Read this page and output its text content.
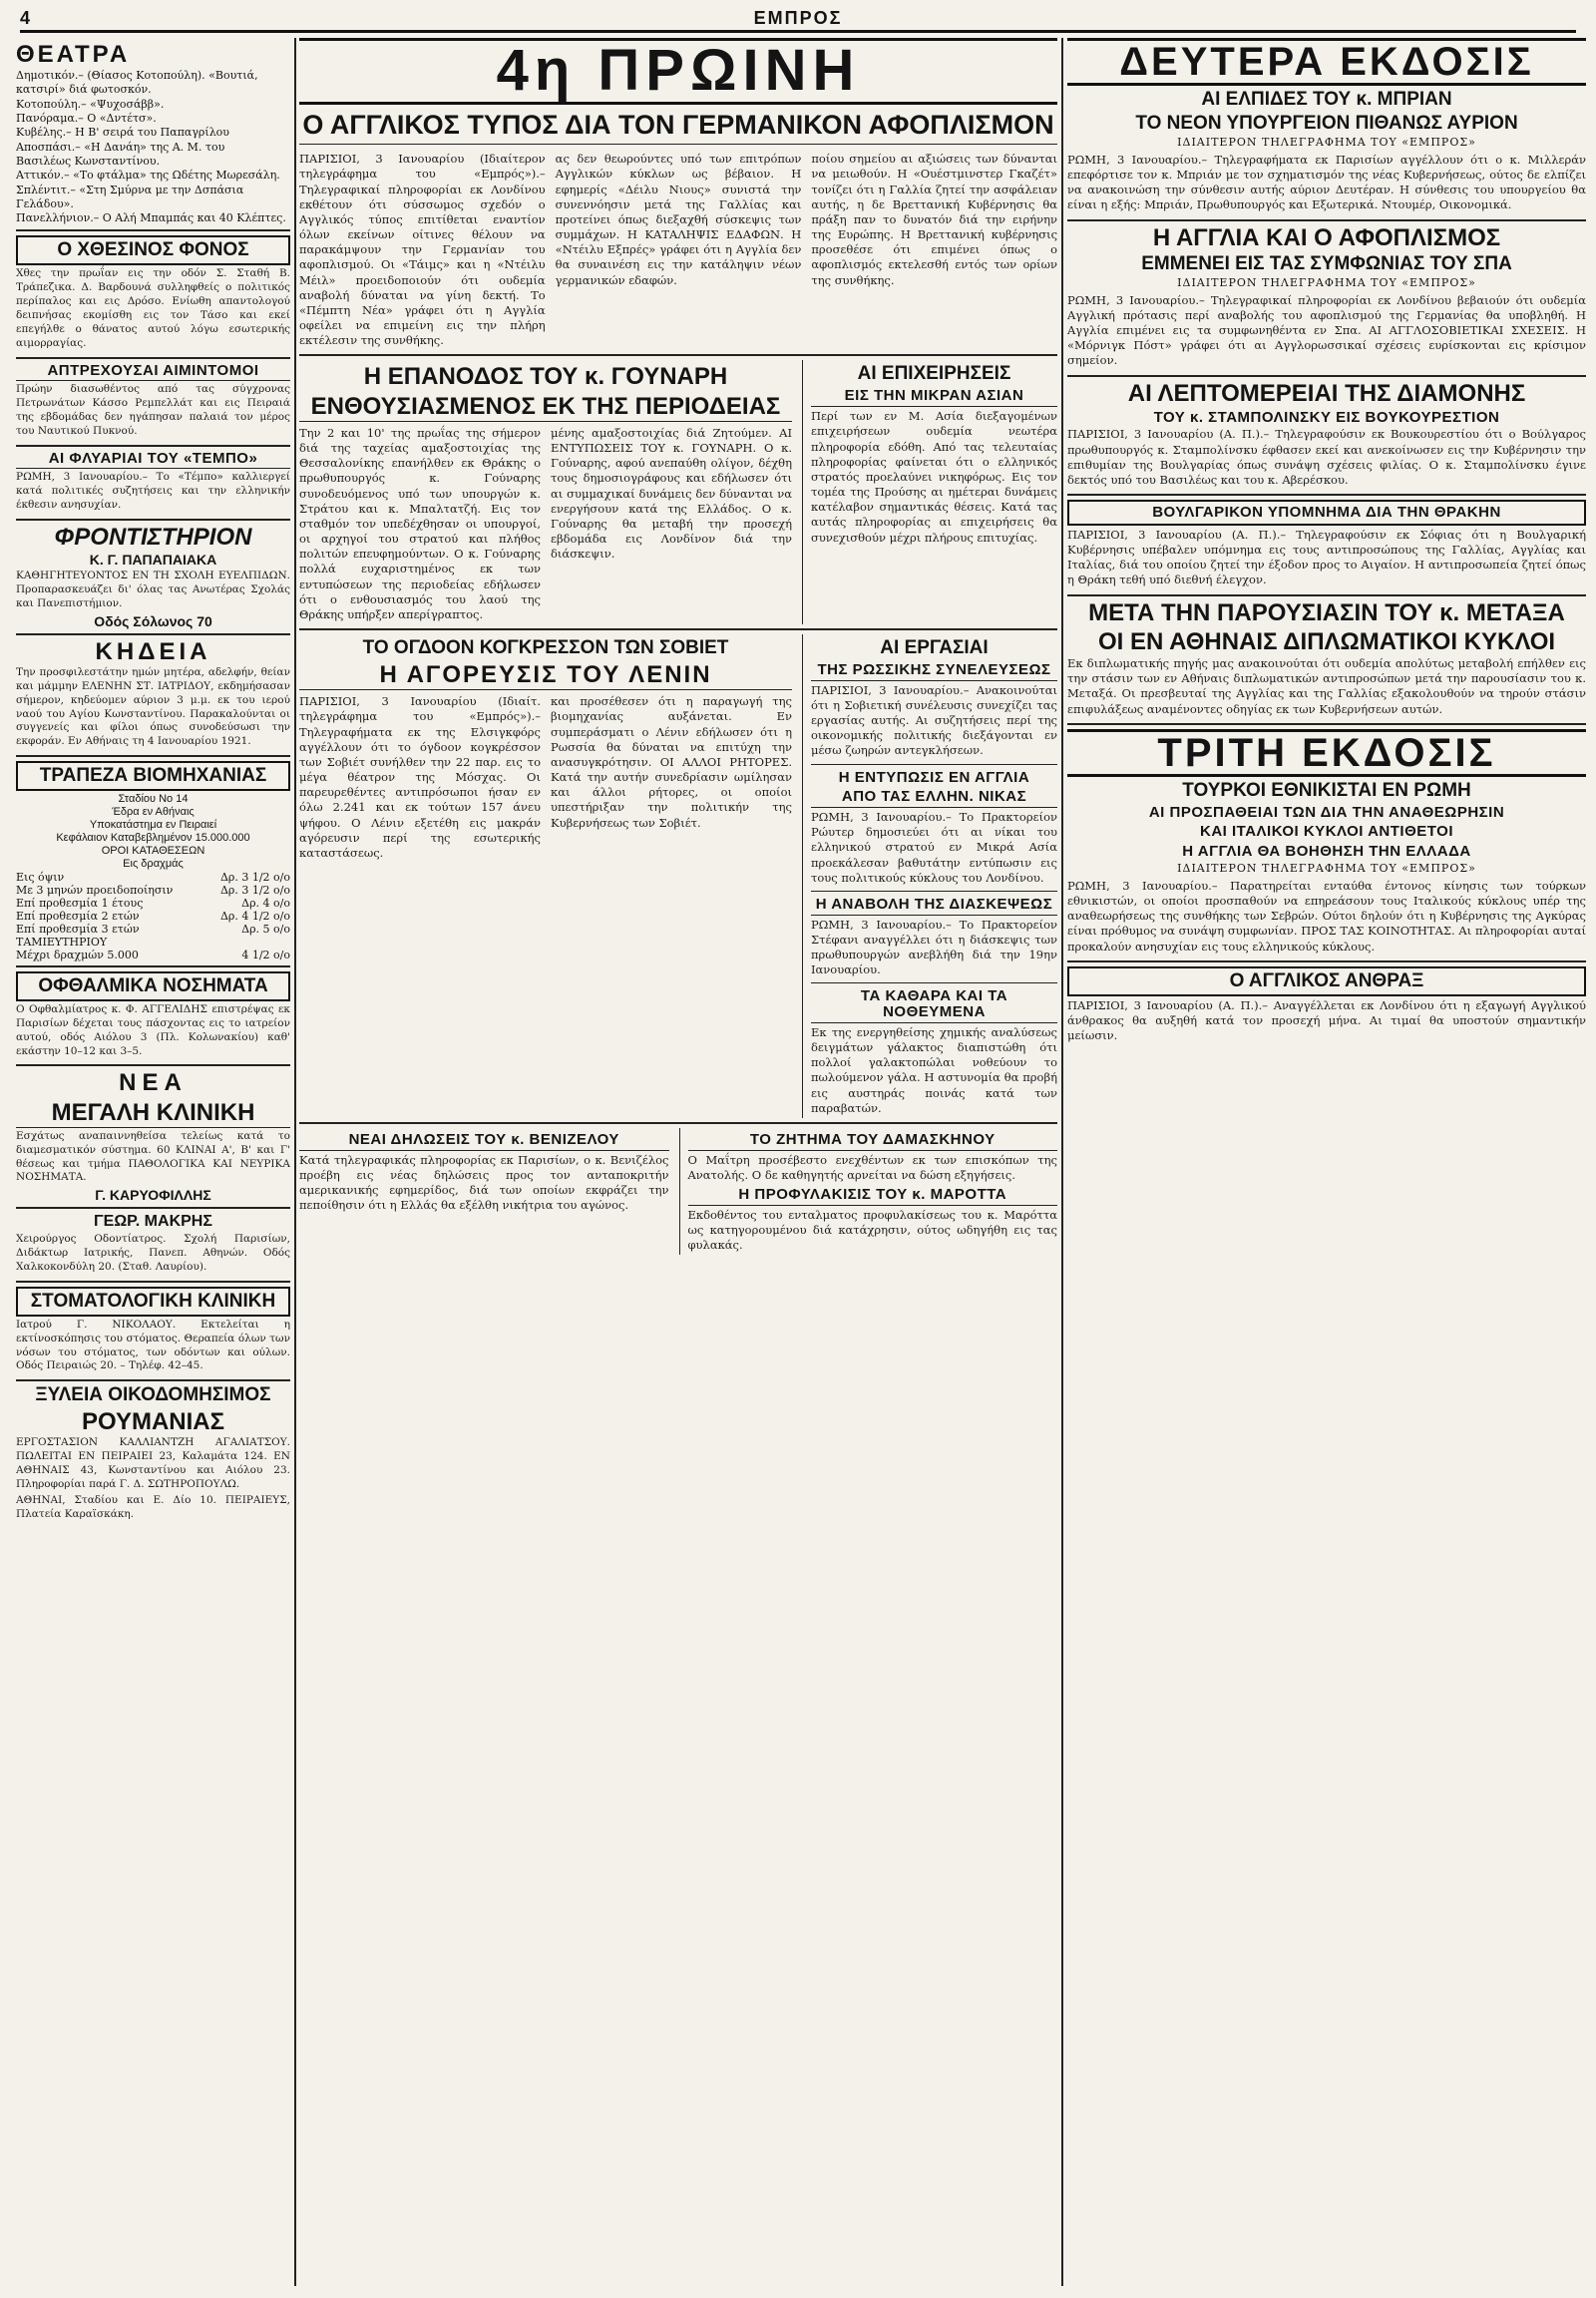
4	ΕΜΠΡΟΣ
ΘΕΑΤΡΑ
Δημοτικόν.– (Θίασος Κοτοπούλη). «Βουτιά, κατσιρί» διά φωτοσκόν.
Κοτοπούλη.– «Ψυχοσάββ».
Πανόραμα.– Ο «Δντέτσ».
Κυβέλης.– Η Β' σειρά του Παπαγρίλου
Αποσπάσι.– «Η Δανάη» της Α. Μ. του
Βασιλέως Κωνσταντίνου.
Αττικόν.– «Το φτάλμα» της Ωδέτης Μωρεσάλη.
Σπλέντιτ.– «Στη Σμύρνα με την Δσπάσια Γελάδου».
Πανελλήνιον.– Ο Αλή Μπαμπάς και 40 Κλέπτες.
Ο ΧΘΕΣΙΝΟΣ ΦΟΝΟΣ

Χθες την πρωΐαν εις την οδόν Σ. Σταθή Β. Τράπεζικα. Δ. Βαρδουνά συλληφθείς ο πολιτικός περίπαλος και εις Δρόσο. Ενίωθη απαντολογού δειπνήσας εκομίσθη εις τον Τάσο και εκεί επεγήλθε ο θάνατος αυτού λόγω εσωτερικής αιμορραγίας.

ΑΠΤΡΕΧΟΥΣΑΙ ΑΙΜΙΝΤΟΜΟΙ

Πρώην διασωθέντος από τας σύγχρονας Πετρωνάτων Κάσσο Ρεμπελλάτ και εις Πειραιά της εβδομάδας δεν ηγάπησαν παλαιά τον μέρος του Ναυτικού Πυκνού.

ΑΙ ΦΛΥΑΡΙΑΙ ΤΟΥ «ΤΕΜΠΟ»

ΡΩΜΗ, 3 Ιανουαρίου.– Το «Τέμπο» καλλιεργεί κατά πολιτικές συζητήσεις και την ελληνικήν έκθεσιν ανησυχίαν.

ΦΡΟΝΤΙΣΤΗΡΙΟΝ
Κ. Γ. ΠΑΠΑΠΑΙΑΚΑ

ΚΑΘΗΓΗΤΕΥΟΝΤΟΣ ΕΝ ΤΗ ΣΧΟΛΗ ΕΥΕΛΠΙΔΩΝ. Προπαρασκευάζει δι' όλας τας Ανωτέρας Σχολάς και Πανεπιστήμιον.

Οδός Σόλωνος 70
ΚΗΔΕΙΑ

Την προσφιλεστάτην ημών μητέρα, αδελφήν, θείαν και μάμμην ΕΛΕΝΗΝ ΣΤ. ΙΑΤΡΙΔΟΥ, εκδημήσασαν σήμερον, κηδεύομεν αύριον 3 μ.μ. εκ του ιερού ναού του Αγίου Κωνσταντίνου. Παρακαλούνται οι συγγενείς και φίλοι όπως συνοδεύσωσι την εκφοράν. Εν Αθήναις τη 4 Ιανουαρίου 1921.

ΤΡΑΠΕΖΑ ΒΙΟΜΗΧΑΝΙΑΣ
Σταδίου Νο 14
Έδρα εν Αθήναις
Υποκατάστημα εν Πειραιεί
Κεφάλαιον Καταβεβλημένον 15.000.000
ΟΡΟΙ ΚΑΤΑΘΕΣΕΩΝ
Εις δραχμάς
Εις όψιν	Δρ. 3 1/2 ο/ο
Με 3 μηνών προειδοποίησιν	Δρ. 3 1/2 ο/ο
Επί προθεσμία 1 έτους	Δρ. 4 ο/ο
Επί προθεσμία 2 ετών	Δρ. 4 1/2 ο/ο
Επί προθεσμία 3 ετών	Δρ. 5 ο/ο
ΤΑΜΙΕΥΤΗΡΙΟΥ
Μέχρι δραχμών 5.000	4 1/2 ο/ο
ΟΦΘΑΛΜΙΚΑ ΝΟΣΗΜΑΤΑ

Ο Οφθαλμίατρος κ. Φ. ΑΓΓΕΛΙΔΗΣ επιστρέψας εκ Παρισίων δέχεται τους πάσχοντας εις το ιατρείον αυτού, οδός Αιόλου 3 (Πλ. Κολωνακίου) καθ' εκάστην 10–12 και 3–5.

ΝΕΑ
ΜΕΓΑΛΗ ΚΛΙΝΙΚΗ

Εσχάτως αναπαιννηθείσα τελείως κατά το διαμεσματικόν σύστημα. 60 ΚΛΙΝΑΙ Α', Β' και Γ' θέσεως και τμήμα ΠΑΘΟΛΟΓΙΚΑ ΚΑΙ ΝΕΥΡΙΚΑ ΝΟΣΗΜΑΤΑ.

Γ. ΚΑΡΥΟΦΙΛΛΗΣ
ΓΕΩΡ. ΜΑΚΡΗΣ

Χειρούργος Οδοντίατρος. Σχολή Παρισίων, Διδάκτωρ Ιατρικής, Πανεπ. Αθηνών. Οδός Χαλκοκονδύλη 20. (Σταθ. Λαυρίου).

ΣΤΟΜΑΤΟΛΟΓΙΚΗ ΚΛΙΝΙΚΗ

Ιατρού Γ. ΝΙΚΟΛΑΟΥ. Εκτελείται η εκτίνοσκόπησις του στόματος. Θεραπεία όλων των νόσων του στόματος, των οδόντων και ούλων. Οδός Πειραιώς 20. – Τηλέφ. 42–45.

ΞΥΛΕΙΑ ΟΙΚΟΔΟΜΗΣΙΜΟΣ
ΡΟΥΜΑΝΙΑΣ

ΕΡΓΟΣΤΑΣΙΟΝ ΚΑΛΛΙΑΝΤΖΗ ΑΓΑΛΙΑΤΣΟΥ. ΠΩΛΕΙΤΑΙ ΕΝ ΠΕΙΡΑΙΕΙ 23, Καλαμάτα 124. ΕΝ ΑΘΗΝΑΙΣ 43, Κωνσταντίνου και Αιόλου 23. Πληροφορίαι παρά Γ. Δ. ΣΩΤΗΡΟΠΟΥΛΩ.

ΑΘΗΝΑΙ, Σταδίου και Ε. Δίο 10. ΠΕΙΡΑΙΕΥΣ, Πλατεία Καραϊσκάκη.

4η ΠΡΩΙΝΗ
Ο ΑΓΓΛΙΚΟΣ ΤΥΠΟΣ ΔΙΑ ΤΟΝ ΓΕΡΜΑΝΙΚΟΝ ΑΦΟΠΛΙΣΜΟΝ

ΠΑΡΙΣΙΟΙ, 3 Ιανουαρίου (Ιδιαίτερον τηλεγράφημα του «Εμπρός»).– Τηλεγραφικαί πληροφορίαι εκ Λονδίνου εκθέτουν ότι σύσσωμος σχεδόν ο Αγγλικός τύπος επιτίθεται εναντίον όλων εκείνων οίτινες θέλουν να παρακάμψουν την Γερμανίαν του αφοπλισμού. Οι «Τάιμς» και η «Ντέιλυ Μέιλ» προειδοποιούν ότι ουδεμία αναβολή δύναται να γίνη δεκτή. Το «Πέμπτη Νέα» γράφει ότι η Αγγλία οφείλει να επιμείνη εις την πλήρη εκτέλεσιν της συνθήκης.

ας δεν θεωρούντες υπό των επιτρόπων Αγγλικών κύκλων ως βέβαιον. Η εφημερίς «Δέιλυ Νιους» συνιστά την συνεννόησιν μετά της Γαλλίας και προτείνει όπως διεξαχθή σύσκεψις των συμμάχων. Η ΚΑΤΑΛΗΨΙΣ ΕΔΑΦΩΝ. Η «Ντέιλυ Εξπρές» γράφει ότι η Αγγλία δεν θα συναινέση εις την κατάληψιν νέων γερμανικών εδαφών.

ποίου σημείου αι αξιώσεις των δύνανται να μειωθούν. Η «Ουέστμινστερ Γκαζέτ» τονίζει ότι η Γαλλία ζητεί την ασφάλειαν αυτής, η δε Βρεττανική Κυβέρνησις θα πράξη παν το δυνατόν διά την ειρήνην της Ευρώπης. Η Βρεττανική κυβέρνησις προσεθέσε ότι επιμένει όπως ο αφοπλισμός εκτελεσθή εντός των ορίων της συνθήκης.

Η ΕΠΑΝΟΔΟΣ ΤΟΥ κ. ΓΟΥΝΑΡΗ
ΕΝΘΟΥΣΙΑΣΜΕΝΟΣ ΕΚ ΤΗΣ ΠΕΡΙΟΔΕΙΑΣ

Την 2 και 10' της πρωΐας της σήμερον διά της ταχείας αμαξοστοιχίας της Θεσσαλονίκης επανήλθεν εκ Θράκης ο πρωθυπουργός κ. Γούναρης συνοδευόμενος υπό των υπουργών κ. Στράτου και κ. Μπαλτατζή. Εις τον σταθμόν τον υπεδέχθησαν οι υπουργοί, οι αρχηγοί του στρατού και πλήθος πολιτών επευφημούντων. Ο κ. Γούναρης πολλά ευχαριστημένος εκ των εντυπώσεων της περιοδείας εδήλωσεν ότι ο ενθουσιασμός του λαού της Θράκης υπήρξεν απερίγραπτος.

μένης αμαξοστοιχίας διά Ζητούμεν. ΑΙ ΕΝΤΥΠΩΣΕΙΣ ΤΟΥ κ. ΓΟΥΝΑΡΗ. Ο κ. Γούναρης, αφού ανεπαύθη ολίγον, δέχθη τους δημοσιογράφους και εδήλωσεν ότι αι συμμαχικαί δυνάμεις δεν δύνανται να ενεργήσουν κατά της Ελλάδος. Ο κ. Γούναρης θα μεταβή την προσεχή εβδομάδα εις Λονδίνον διά την διάσκεψιν.

ΑΙ ΕΠΙΧΕΙΡΗΣΕΙΣ
ΕΙΣ ΤΗΝ ΜΙΚΡΑΝ ΑΣΙΑΝ

Περί των εν Μ. Ασία διεξαγομένων επιχειρήσεων ουδεμία νεωτέρα πληροφορία εδόθη. Από τας τελευταίας πληροφορίας φαίνεται ότι ο ελληνικός στρατός προελαύνει νικηφόρως. Εις τον τομέα της Προύσης αι ημέτεραι δυνάμεις κατέλαβον σημαντικάς θέσεις. Κατά τας αυτάς πληροφορίας αι επιχειρήσεις θα συνεχισθούν μέχρι πλήρους επιτυχίας.

ΤΟ ΟΓΔΟΟΝ ΚΟΓΚΡΕΣΣΟΝ ΤΩΝ ΣΟΒΙΕΤ
Η ΑΓΟΡΕΥΣΙΣ ΤΟΥ ΛΕΝΙΝ

ΠΑΡΙΣΙΟΙ, 3 Ιανουαρίου (Ιδιαίτ. τηλεγράφημα του «Εμπρός»).– Τηλεγραφήματα εκ της Ελσιγκφόρς αγγέλλουν ότι το όγδοον κογκρέσσον των Σοβιέτ συνήλθεν την 22 παρ. εις το μέγα θέατρον της Μόσχας. Οι παρευρεθέντες αντιπρόσωποι ήσαν εν όλω 2.241 και εκ τούτων 157 άνευ ψήφου. Ο Λένιν εξετέθη εις μακράν αγόρευσιν περί της εσωτερικής καταστάσεως.

και προσέθεσεν ότι η παραγωγή της βιομηχανίας αυξάνεται. Εν συμπεράσματι ο Λένιν εδήλωσεν ότι η Ρωσσία θα δύναται να επιτύχη την ανασυγκρότησιν. ΟΙ ΑΛΛΟΙ ΡΗΤΟΡΕΣ. Κατά την αυτήν συνεδρίασιν ωμίλησαν και άλλοι ρήτορες, οι οποίοι υπεστήριξαν την πολιτικήν της Κυβερνήσεως των Σοβιέτ.

ΑΙ ΕΡΓΑΣΙΑΙ
ΤΗΣ ΡΩΣΣΙΚΗΣ ΣΥΝΕΛΕΥΣΕΩΣ

ΠΑΡΙΣΙΟΙ, 3 Ιανουαρίου.– Ανακοινούται ότι η Σοβιετική συνέλευσις συνεχίζει τας εργασίας αυτής. Αι συζητήσεις περί της οικονομικής πολιτικής διεξάγονται εν μέσω ζωηρών αντεγκλήσεων.

Η ΕΝΤΥΠΩΣΙΣ ΕΝ ΑΓΓΛΙΑ
ΑΠΟ ΤΑΣ ΕΛΛΗΝ. ΝΙΚΑΣ

ΡΩΜΗ, 3 Ιανουαρίου.– Το Πρακτορείον Ρώυτερ δημοσιεύει ότι αι νίκαι του ελληνικού στρατού εν Μικρά Ασία προεκάλεσαν βαθυτάτην εντύπωσιν εις τους πολιτικούς κύκλους του Λονδίνου.

Η ΑΝΑΒΟΛΗ ΤΗΣ ΔΙΑΣΚΕΨΕΩΣ

ΡΩΜΗ, 3 Ιανουαρίου.– Το Πρακτορείον Στέφανι αναγγέλλει ότι η διάσκεψις των πρωθυπουργών ανεβλήθη διά την 19ην Ιανουαρίου.

ΤΑ ΚΑΘΑΡΑ ΚΑΙ ΤΑ ΝΟΘΕΥΜΕΝΑ

Εκ της ενεργηθείσης χημικής αναλύσεως δειγμάτων γάλακτος διαπιστώθη ότι πολλοί γαλακτοπώλαι νοθεύουν το πωλούμενον γάλα. Η αστυνομία θα προβή εις αυστηράς ποινάς κατά των παραβατών.

ΝΕΑΙ ΔΗΛΩΣΕΙΣ ΤΟΥ κ. ΒΕΝΙΖΕΛΟΥ

Κατά τηλεγραφικάς πληροφορίας εκ Παρισίων, ο κ. Βενιζέλος προέβη εις νέας δηλώσεις προς τον ανταποκριτήν αμερικανικής εφημερίδος, διά των οποίων εκφράζει την πεποίθησιν ότι η Ελλάς θα εξέλθη νικήτρια του αγώνος.

ΤΟ ΖΗΤΗΜΑ ΤΟΥ ΔΑΜΑΣΚΗΝΟΥ

Ο Μαΐτρη προσέβεστο ενεχθέντων εκ των επισκόπων της Ανατολής. Ο δε καθηγητής αρνείται να δώση εξηγήσεις.

Η ΠΡΟΦΥΛΑΚΙΣΙΣ ΤΟΥ κ. ΜΑΡΟΤΤΑ

Εκδοθέντος του ενταλματος προφυλακίσεως του κ. Μαρόττα ως κατηγορουμένου διά κατάχρησιν, ούτος ωδηγήθη εις τας φυλακάς.

ΔΕΥΤΕΡΑ ΕΚΔΟΣΙΣ
ΑΙ ΕΛΠΙΔΕΣ ΤΟΥ κ. ΜΠΡΙΑΝ
ΤΟ ΝΕΟΝ ΥΠΟΥΡΓΕΙΟΝ ΠΙΘΑΝΩΣ ΑΥΡΙΟΝ
ΙΔΙΑΙΤΕΡΟΝ ΤΗΛΕΓΡΑΦΗΜΑ ΤΟΥ «ΕΜΠΡΟΣ»

ΡΩΜΗ, 3 Ιανουαρίου.– Τηλεγραφήματα εκ Παρισίων αγγέλλουν ότι ο κ. Μιλλεράν επεφόρτισε τον κ. Μπριάν με τον σχηματισμόν της νέας Κυβερνήσεως, ούτος δε ελπίζει να ανακοινώση την σύνθεσιν αυτής αύριον Δευτέραν. Η σύνθεσις του υπουργείου θα είναι η εξής: Μπριάν, Πρωθυπουργός και Εξωτερικά. Ντουμέρ, Οικονομικά.

Η ΑΓΓΛΙΑ ΚΑΙ Ο ΑΦΟΠΛΙΣΜΟΣ
ΕΜΜΕΝΕΙ ΕΙΣ ΤΑΣ ΣΥΜΦΩΝΙΑΣ ΤΟΥ ΣΠΑ
ΙΔΙΑΙΤΕΡΟΝ ΤΗΛΕΓΡΑΦΗΜΑ ΤΟΥ «ΕΜΠΡΟΣ»

ΡΩΜΗ, 3 Ιανουαρίου.– Τηλεγραφικαί πληροφορίαι εκ Λονδίνου βεβαιούν ότι ουδεμία Αγγλική πρότασις περί αναβολής του αφοπλισμού της Γερμανίας θα υποβληθή. Η Αγγλία επιμένει εις τα συμφωνηθέντα εν Σπα. ΑΙ ΑΓΓΛΟΣΟΒΙΕΤΙΚΑΙ ΣΧΕΣΕΙΣ. Η «Μόρνιγκ Πόστ» γράφει ότι αι Αγγλορωσσικαί σχέσεις ευρίσκονται εις κρίσιμον σημείον.

ΑΙ ΛΕΠΤΟΜΕΡΕΙΑΙ ΤΗΣ ΔΙΑΜΟΝΗΣ
ΤΟΥ κ. ΣΤΑΜΠΟΛΙΝΣΚΥ ΕΙΣ ΒΟΥΚΟΥΡΕΣΤΙΟΝ

ΠΑΡΙΣΙΟΙ, 3 Ιανουαρίου (Α. Π.).– Τηλεγραφούσιν εκ Βουκουρεστίου ότι ο Βούλγαρος πρωθυπουργός κ. Σταμπολίνσκυ έφθασεν εκεί και ανεκοίνωσεν εις την Κυβέρνησιν την επιθυμίαν της Βουλγαρίας όπως συνάψη σχέσεις φιλίας. Ο κ. Σταμπολίνσκυ έγινε δεκτός υπό του Βασιλέως και του κ. Αβερέσκου.

ΒΟΥΛΓΑΡΙΚΟΝ ΥΠΟΜΝΗΜΑ ΔΙΑ ΤΗΝ ΘΡΑΚΗΝ

ΠΑΡΙΣΙΟΙ, 3 Ιανουαρίου (Α. Π.).– Τηλεγραφούσιν εκ Σόφιας ότι η Βουλγαρική Κυβέρνησις υπέβαλεν υπόμνημα εις τους αντιπροσώπους της Γαλλίας, Αγγλίας και Ιταλίας, διά του οποίου ζητεί την έξοδον προς το Αιγαίον. Η αντιπροσωπεία ζητεί όπως η Θράκη τεθή υπό διεθνή έλεγχον.

ΜΕΤΑ ΤΗΝ ΠΑΡΟΥΣΙΑΣΙΝ ΤΟΥ κ. ΜΕΤΑΞΑ
ΟΙ ΕΝ ΑΘΗΝΑΙΣ ΔΙΠΛΩΜΑΤΙΚΟΙ ΚΥΚΛΟΙ

Εκ διπλωματικής πηγής μας ανακοινούται ότι ουδεμία απολύτως μεταβολή επήλθεν εις την στάσιν των εν Αθήναις διπλωματικών αντιπροσώπων μετά την παρουσίασιν του κ. Μεταξά. Οι πρεσβευταί της Αγγλίας και της Γαλλίας εξακολουθούν να τηρούν στάσιν επιφυλάξεως αναμένοντες οδηγίας εκ των Κυβερνήσεων αυτών.

ΤΡΙΤΗ ΕΚΔΟΣΙΣ
ΤΟΥΡΚΟΙ ΕΘΝΙΚΙΣΤΑΙ ΕΝ ΡΩΜΗ
ΑΙ ΠΡΟΣΠΑΘΕΙΑΙ ΤΩΝ ΔΙΑ ΤΗΝ ΑΝΑΘΕΩΡΗΣΙΝ
ΚΑΙ ΙΤΑΛΙΚΟΙ ΚΥΚΛΟΙ ΑΝΤΙΘΕΤΟΙ
Η ΑΓΓΛΙΑ ΘΑ ΒΟΗΘΗΣΗ ΤΗΝ ΕΛΛΑΔΑ
ΙΔΙΑΙΤΕΡΟΝ ΤΗΛΕΓΡΑΦΗΜΑ ΤΟΥ «ΕΜΠΡΟΣ»

ΡΩΜΗ, 3 Ιανουαρίου.– Παρατηρείται ενταύθα έντονος κίνησις των τούρκων εθνικιστών, οι οποίοι προσπαθούν να επηρεάσουν τους Ιταλικούς κύκλους υπέρ της αναθεωρήσεως της συνθήκης των Σεβρών. Ούτοι δηλούν ότι η Κυβέρνησις της Αγκύρας είναι πρόθυμος να συνάψη συμφωνίαν. ΠΡΟΣ ΤΑΣ ΚΟΙΝΟΤΗΤΑΣ. Αι πληροφορίαι αυταί προκαλούν ανησυχίαν εις τους ελληνικούς κύκλους.

Ο ΑΓΓΛΙΚΟΣ ΑΝΘΡΑΞ

ΠΑΡΙΣΙΟΙ, 3 Ιανουαρίου (Α. Π.).– Αναγγέλλεται εκ Λονδίνου ότι η εξαγωγή Αγγλικού άνθρακος θα αυξηθή κατά τον προσεχή μήνα. Αι τιμαί θα υποστούν σημαντικήν μείωσιν.
